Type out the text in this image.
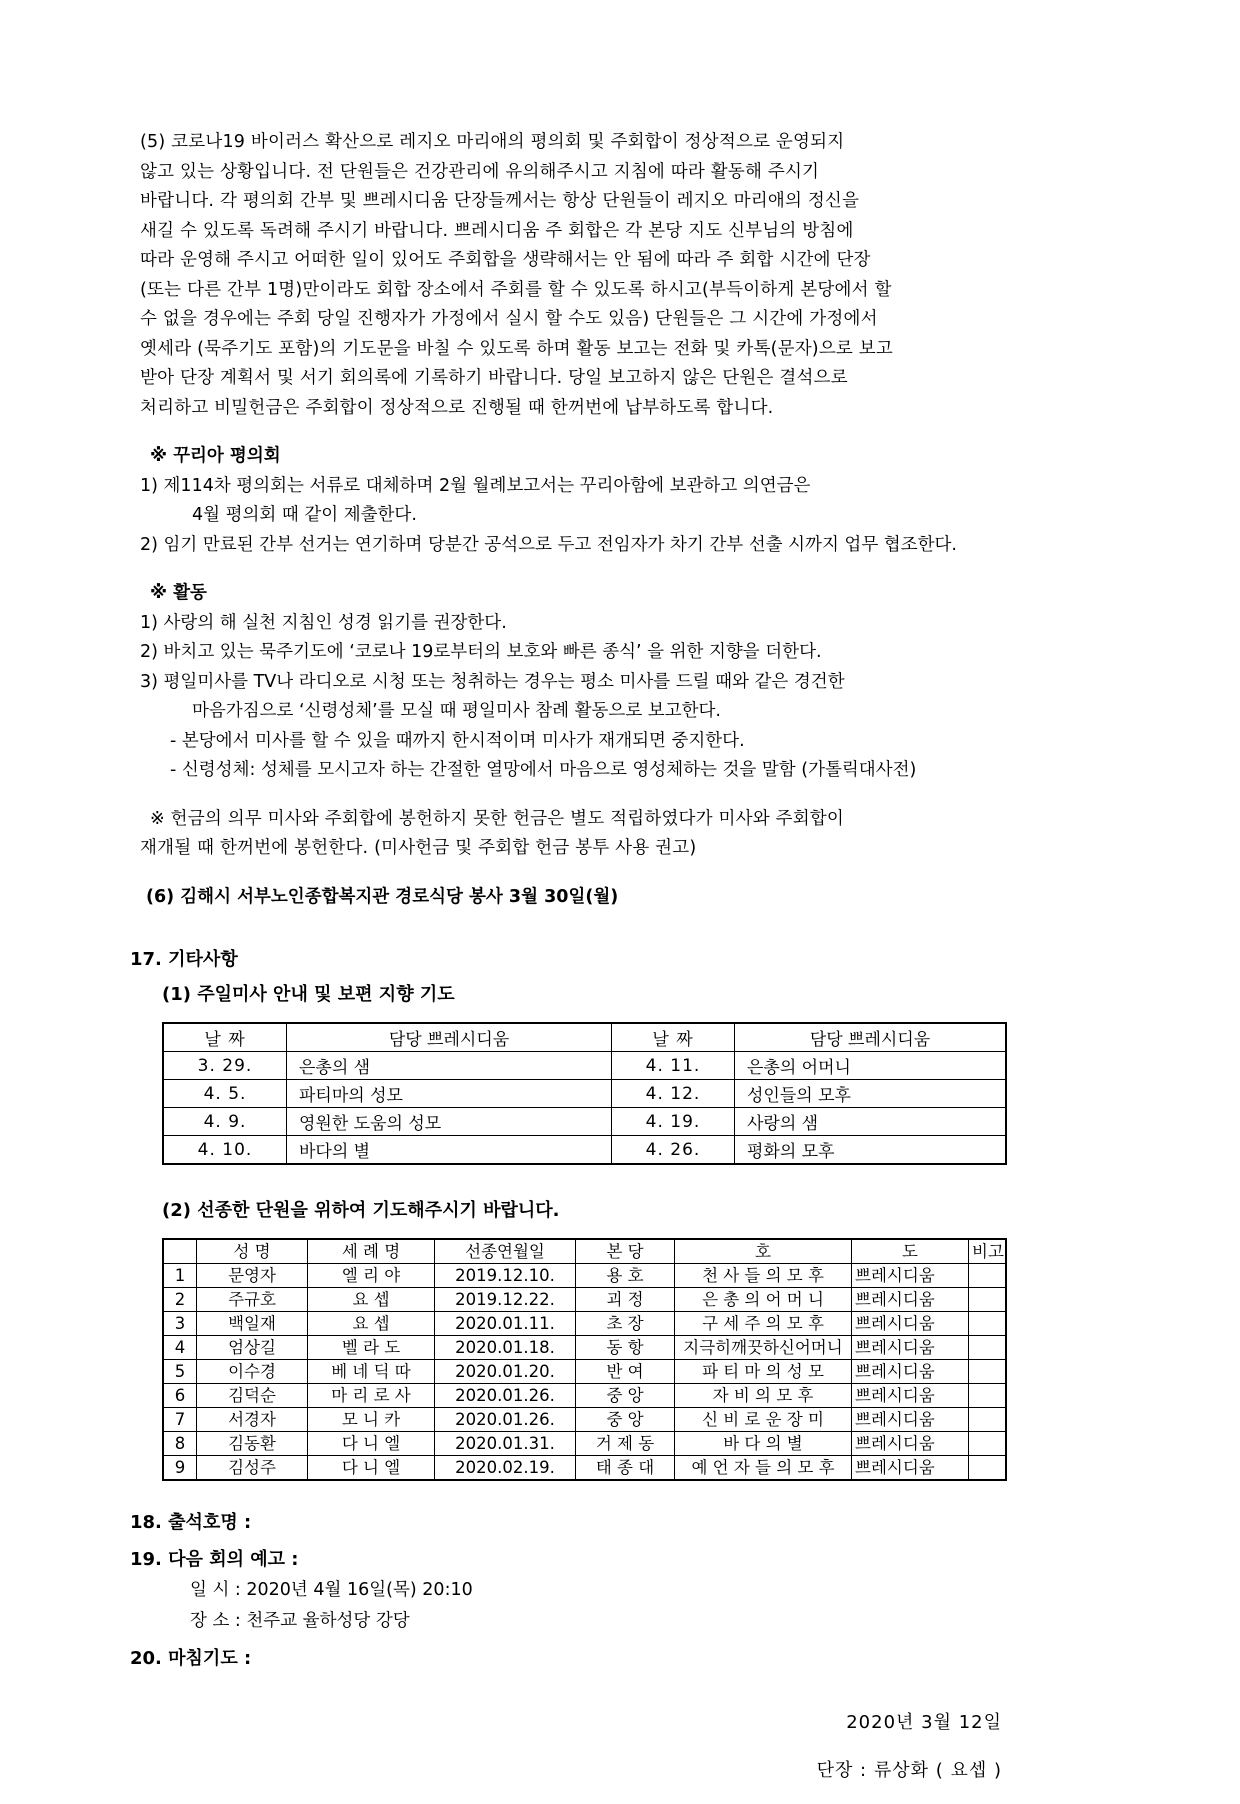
(5) 코로나19 바이러스 확산으로 레지오 마리애의 평의회 및 주회합이 정상적으로 운영되지

않고 있는 상황입니다. 전 단원들은 건강관리에 유의해주시고 지침에 따라 활동해 주시기

바랍니다. 각 평의회 간부 및 쁘레시디움 단장들께서는 항상 단원들이 레지오 마리애의 정신을

새길 수 있도록 독려해 주시기 바랍니다. 쁘레시디움 주 회합은 각 본당 지도 신부님의 방침에

따라 운영해 주시고 어떠한 일이 있어도 주회합을 생략해서는 안 됨에 따라 주 회합 시간에 단장

(또는 다른 간부 1명)만이라도 회합 장소에서 주회를 할 수 있도록 하시고(부득이하게 본당에서 할

수 없을 경우에는 주회 당일 진행자가 가정에서 실시 할 수도 있음) 단원들은 그 시간에 가정에서

옛세라 (묵주기도 포함)의 기도문을 바칠 수 있도록 하며 활동 보고는 전화 및 카톡(문자)으로 보고

받아 단장 계획서 및 서기 회의록에 기록하기 바랍니다. 당일 보고하지 않은 단원은 결석으로

처리하고 비밀헌금은 주회합이 정상적으로 진행될 때 한꺼번에 납부하도록 합니다.

※ 꾸리아 평의회

1) 제114차 평의회는 서류로 대체하며 2월 월례보고서는 꾸리아함에 보관하고 의연금은

4월 평의회 때 같이 제출한다.

2) 임기 만료된 간부 선거는 연기하며 당분간 공석으로 두고 전임자가 차기 간부 선출 시까지 업무 협조한다.

※ 활동

1) 사랑의 해 실천 지침인 성경 읽기를 권장한다.

2) 바치고 있는 묵주기도에 ‘코로나 19로부터의 보호와 빠른 종식’ 을 위한 지향을 더한다.

3) 평일미사를 TV나 라디오로 시청 또는 청취하는 경우는 평소 미사를 드릴 때와 같은 경건한

마음가짐으로 ‘신령성체’를 모실 때 평일미사 참례 활동으로 보고한다.

- 본당에서 미사를 할 수 있을 때까지 한시적이며 미사가 재개되면 중지한다.

- 신령성체: 성체를 모시고자 하는 간절한 열망에서 마음으로 영성체하는 것을 말함 (가톨릭대사전)

※ 헌금의 의무 미사와 주회합에 봉헌하지 못한 헌금은 별도 적립하였다가 미사와 주회합이

재개될 때 한꺼번에 봉헌한다. (미사헌금 및 주회합 헌금 봉투 사용 권고)

(6) 김해시 서부노인종합복지관 경로식당 봉사 3월 30일(월)

17. 기타사항

(1) 주일미사 안내 및 보편 지향 기도

날 짜	담당 쁘레시디움	날 짜	담당 쁘레시디움
3. 29.	은총의 샘	4. 11.	은총의 어머니
4. 5.	파티마의 성모	4. 12.	성인들의 모후
4. 9.	영원한 도움의 성모	4. 19.	사랑의 샘
4. 10.	바다의 별	4. 26.	평화의 모후

(2) 선종한 단원을 위하여 기도해주시기 바랍니다.

	성 명	세 례 명	선종연월일	본 당	호	도	비고
1	문영자	엘 리 야	2019.12.10.	용 호	천 사 들 의 모 후	쁘레시디움	
2	주규호	요 셉	2019.12.22.	괴 정	은 총 의 어 머 니	쁘레시디움	
3	백일재	요 셉	2020.01.11.	초 장	구 세 주 의 모 후	쁘레시디움	
4	엄상길	벨 라 도	2020.01.18.	동 항	지극히깨끗하신어머니	쁘레시디움	
5	이수경	베 네 딕 따	2020.01.20.	반 여	파 티 마 의 성 모	쁘레시디움	
6	김덕순	마 리 로 사	2020.01.26.	중 앙	자 비 의 모 후	쁘레시디움	
7	서경자	모 니 카	2020.01.26.	중 앙	신 비 로 운 장 미	쁘레시디움	
8	김동환	다 니 엘	2020.01.31.	거 제 동	바 다 의 별	쁘레시디움	
9	김성주	다 니 엘	2020.02.19.	태 종 대	예 언 자 들 의 모 후	쁘레시디움	

18. 출석호명 :

19. 다음 회의 예고 :

일 시 : 2020년 4월 16일(목) 20:10

장 소 : 천주교 율하성당 강당

20. 마침기도 :

2020년 3월 12일

단장 : 류상화 ( 요셉 )
